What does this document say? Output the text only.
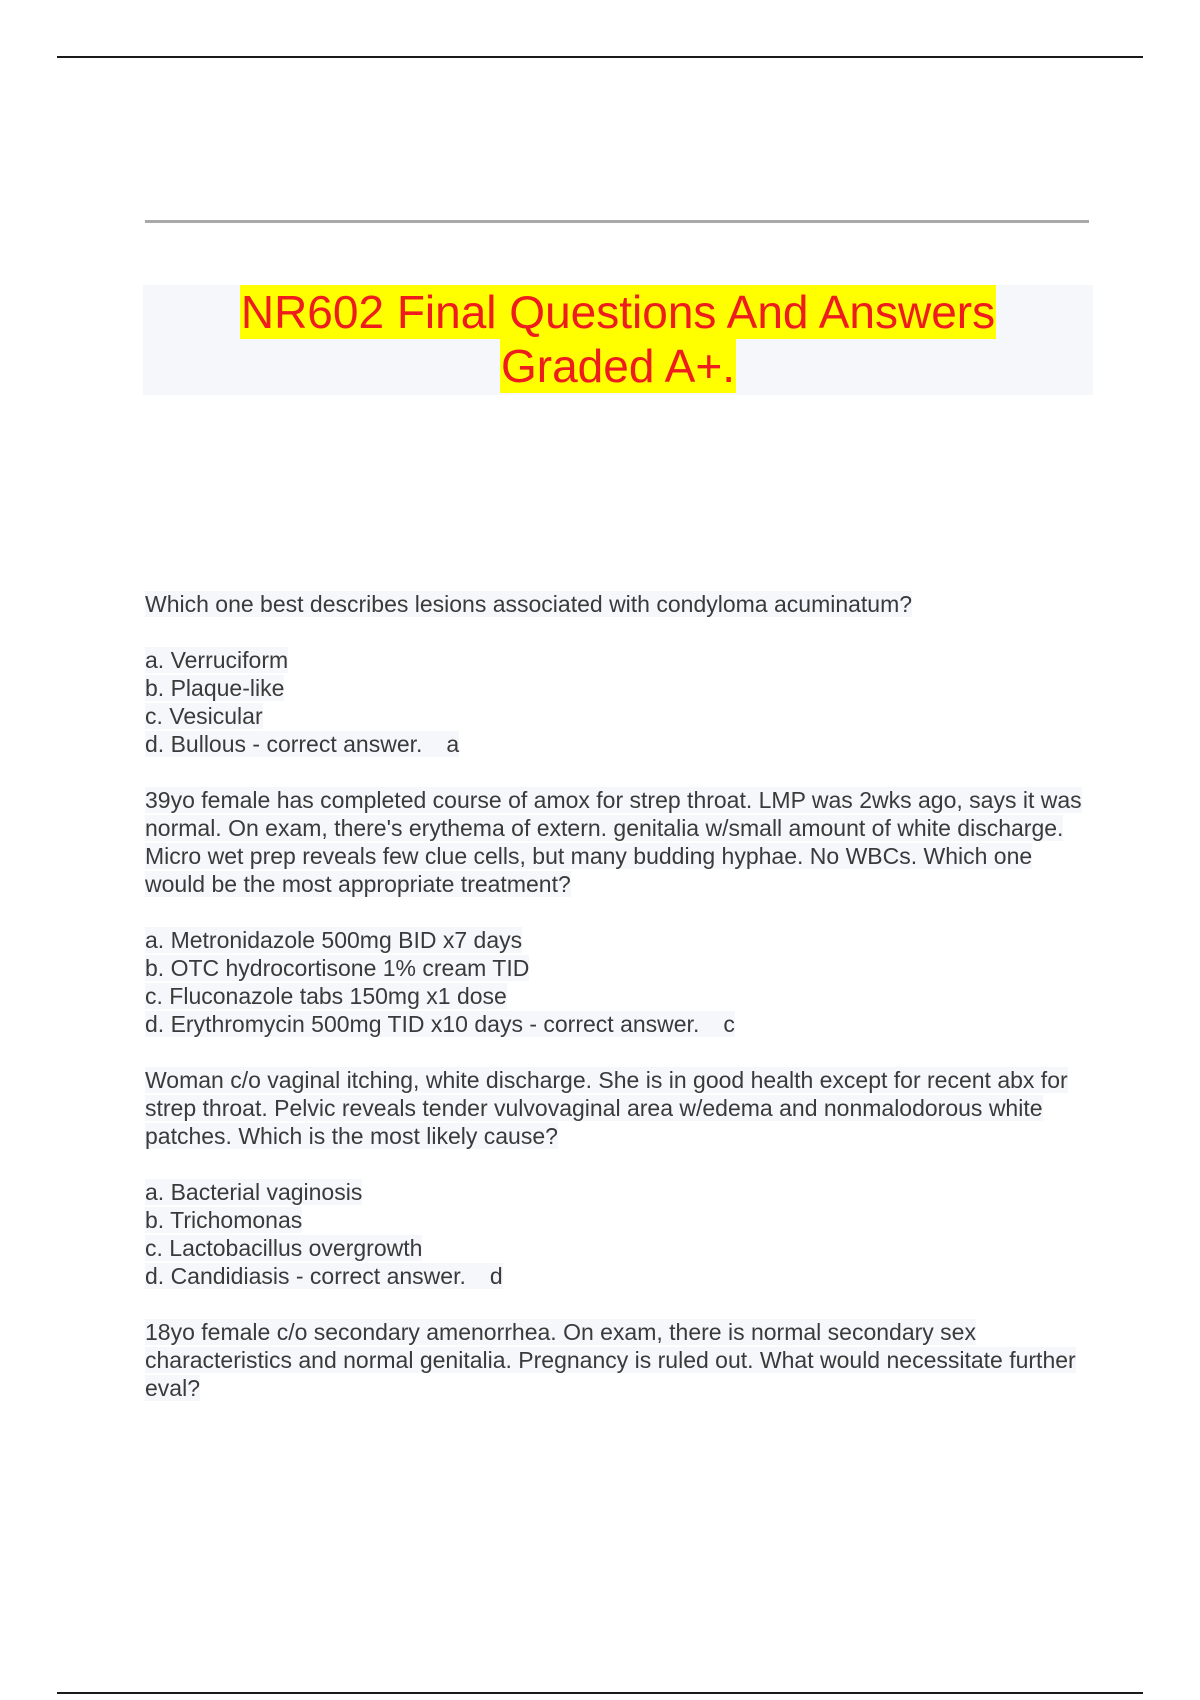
NR602 Final Questions And Answers
Graded A+.

Which one best describes lesions associated with condyloma acuminatum?

a. Verruciform
b. Plaque-like
c. Vesicular
d. Bullous - correct answer. a

39yo female has completed course of amox for strep throat. LMP was 2wks ago, says it was normal. On exam, there's erythema of extern. genitalia w/small amount of white discharge. Micro wet prep reveals few clue cells, but many budding hyphae. No WBCs. Which one would be the most appropriate treatment?

a. Metronidazole 500mg BID x7 days
b. OTC hydrocortisone 1% cream TID
c. Fluconazole tabs 150mg x1 dose
d. Erythromycin 500mg TID x10 days - correct answer. c

Woman c/o vaginal itching, white discharge. She is in good health except for recent abx for strep throat. Pelvic reveals tender vulvovaginal area w/edema and nonmalodorous white patches. Which is the most likely cause?

a. Bacterial vaginosis
b. Trichomonas
c. Lactobacillus overgrowth
d. Candidiasis - correct answer. d

18yo female c/o secondary amenorrhea. On exam, there is normal secondary sex characteristics and normal genitalia. Pregnancy is ruled out. What would necessitate further eval?
